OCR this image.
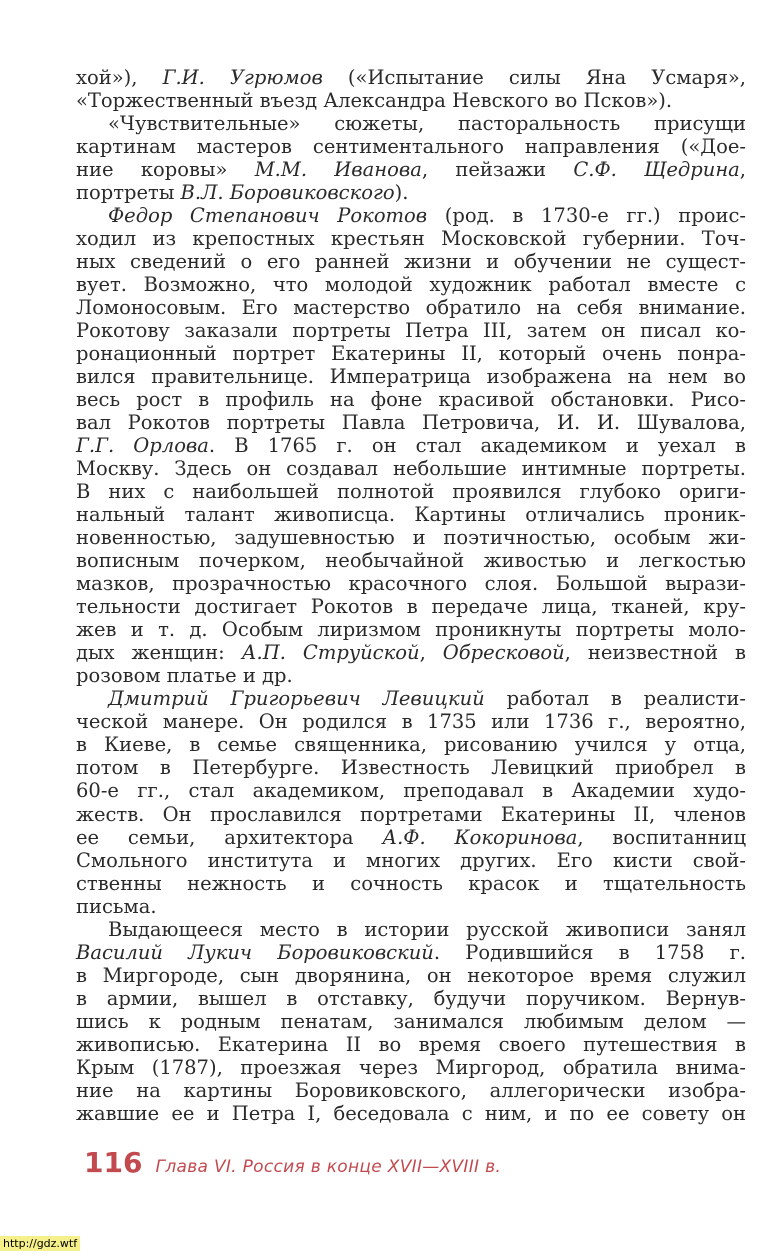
хой»), Г.И. Угрюмов («Испытание силы Яна Усмаря»,
«Торжественный въезд Александра Невского во Псков»).
«Чувствительные» сюжеты, пасторальность присущи
картинам мастеров сентиментального направления («Дое-
ние коровы» М.М. Иванова, пейзажи С.Ф. Щедрина,
портреты В.Л. Боровиковского).
Федор Степанович Рокотов (род. в 1730-е гг.) проис-
ходил из крепостных крестьян Московской губернии. Точ-
ных сведений о его ранней жизни и обучении не сущест-
вует. Возможно, что молодой художник работал вместе с
Ломоносовым. Его мастерство обратило на себя внимание.
Рокотову заказали портреты Петра III, затем он писал ко-
ронационный портрет Екатерины II, который очень понра-
вился правительнице. Императрица изображена на нем во
весь рост в профиль на фоне красивой обстановки. Рисо-
вал Рокотов портреты Павла Петровича, И. И. Шувалова,
Г.Г. Орлова. В 1765 г. он стал академиком и уехал в
Москву. Здесь он создавал небольшие интимные портреты.
В них с наибольшей полнотой проявился глубоко ориги-
нальный талант живописца. Картины отличались проник-
новенностью, задушевностью и поэтичностью, особым жи-
вописным почерком, необычайной живостью и легкостью
мазков, прозрачностью красочного слоя. Большой вырази-
тельности достигает Рокотов в передаче лица, тканей, кру-
жев и т. д. Особым лиризмом проникнуты портреты моло-
дых женщин: А.П. Струйской, Обресковой, неизвестной в
розовом платье и др.
Дмитрий Григорьевич Левицкий работал в реалисти-
ческой манере. Он родился в 1735 или 1736 г., вероятно,
в Киеве, в семье священника, рисованию учился у отца,
потом в Петербурге. Известность Левицкий приобрел в
60-е гг., стал академиком, преподавал в Академии худо-
жеств. Он прославился портретами Екатерины II, членов
ее семьи, архитектора А.Ф. Кокоринова, воспитанниц
Смольного института и многих других. Его кисти свой-
ственны нежность и сочность красок и тщательность
письма.
Выдающееся место в истории русской живописи занял
Василий Лукич Боровиковский. Родившийся в 1758 г.
в Миргороде, сын дворянина, он некоторое время служил
в армии, вышел в отставку, будучи поручиком. Вернув-
шись к родным пенатам, занимался любимым делом —
живописью. Екатерина II во время своего путешествия в
Крым (1787), проезжая через Миргород, обратила внима-
ние на картины Боровиковского, аллегорически изобра-
жавшие ее и Петра I, беседовала с ним, и по ее совету он
116 Глава VI. Россия в конце XVII—XVIII в.
http://gdz.wtf
